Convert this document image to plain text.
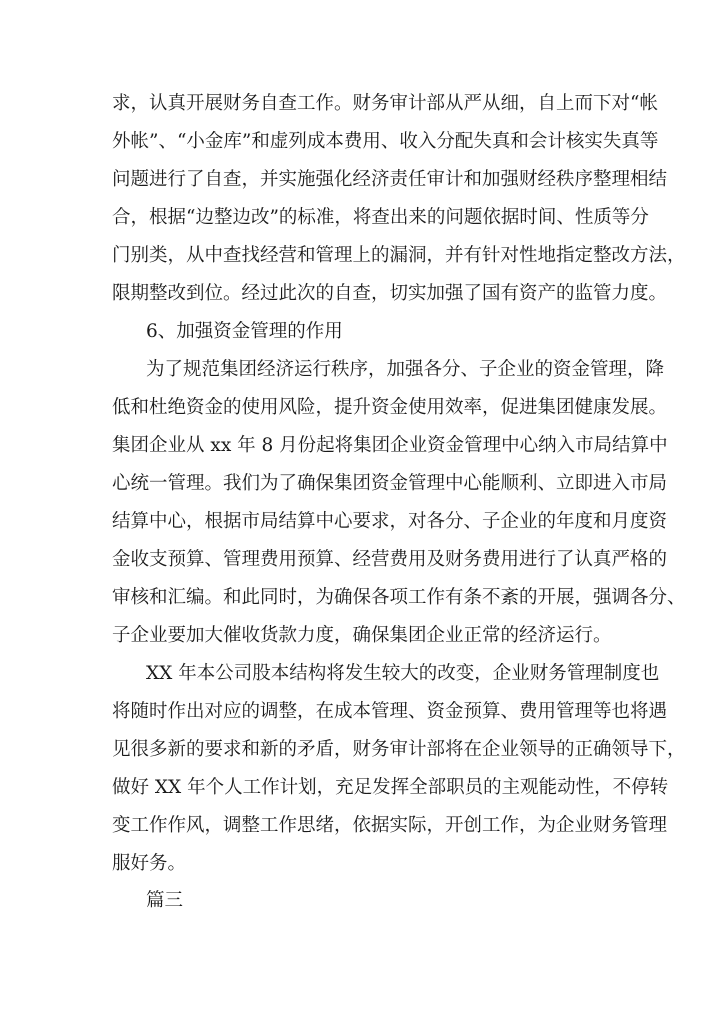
求，认真开展财务自查工作。财务审计部从严从细，自上而下对“帐
外帐”、“小金库”和虚列成本费用、收入分配失真和会计核实失真等
问题进行了自查，并实施强化经济责任审计和加强财经秩序整理相结
合，根据“边整边改”的标准，将查出来的问题依据时间、性质等分
门别类，从中查找经营和管理上的漏洞，并有针对性地指定整改方法，
限期整改到位。经过此次的自查，切实加强了国有资产的监管力度。
6、加强资金管理的作用
为了规范集团经济运行秩序，加强各分、子企业的资金管理，降
低和杜绝资金的使用风险，提升资金使用效率，促进集团健康发展。
集团企业从 xx 年 8 月份起将集团企业资金管理中心纳入市局结算中
心统一管理。我们为了确保集团资金管理中心能顺利、立即进入市局
结算中心，根据市局结算中心要求，对各分、子企业的年度和月度资
金收支预算、管理费用预算、经营费用及财务费用进行了认真严格的
审核和汇编。和此同时，为确保各项工作有条不紊的开展，强调各分、
子企业要加大催收货款力度，确保集团企业正常的经济运行。
XX 年本公司股本结构将发生较大的改变，企业财务管理制度也
将随时作出对应的调整，在成本管理、资金预算、费用管理等也将遇
见很多新的要求和新的矛盾，财务审计部将在企业领导的正确领导下，
做好 XX 年个人工作计划，充足发挥全部职员的主观能动性，不停转
变工作作风，调整工作思绪，依据实际，开创工作，为企业财务管理
服好务。
篇三
